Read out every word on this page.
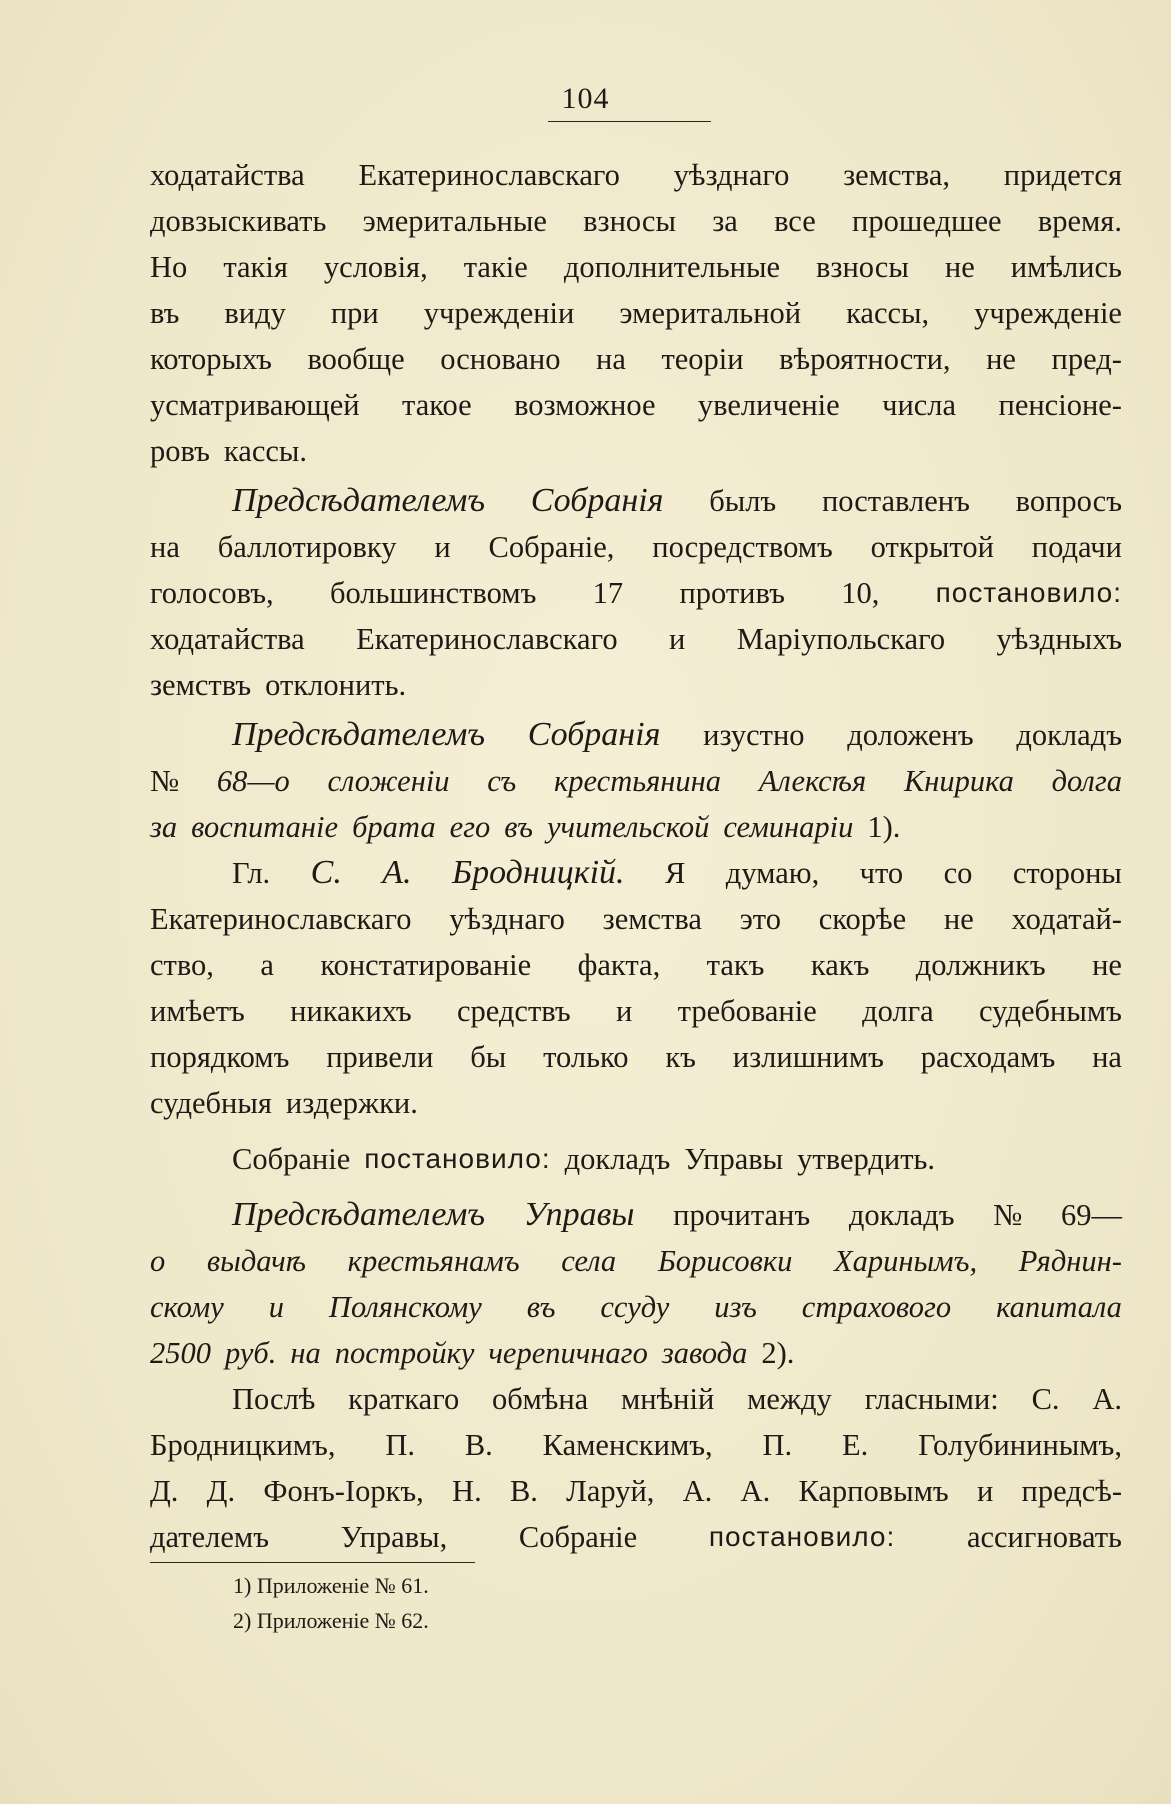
104
ходатайства Екатеринославскаго уѣзднаго земства, придется
довзыскивать эмеритальные взносы за все прошедшее время.
Но такія условія, такіе дополнительные взносы не имѣлись
въ виду при учрежденіи эмеритальной кассы, учрежденіе
которыхъ вообще основано на теоріи вѣроятности, не пред-
усматривающей такое возможное увеличеніе числа пенсіоне-
ровъ кассы.
Предсѣдателемъ Собранія былъ поставленъ вопросъ
на баллотировку и Собраніе, посредствомъ открытой подачи
голосовъ, большинствомъ 17 противъ 10, постановило:
ходатайства Екатеринославскаго и Маріупольскаго уѣздныхъ
земствъ отклонить.
Предсѣдателемъ Собранія изустно доложенъ докладъ
№ 68—о сложеніи съ крестьянина Алексѣя Книрика долга
за воспитаніе брата его въ учительской семинаріи 1).
Гл. С. А. Бродницкій. Я думаю, что со стороны
Екатеринославскаго уѣзднаго земства это скорѣе не ходатай-
ство, а констатированіе факта, такъ какъ должникъ не
имѣетъ никакихъ средствъ и требованіе долга судебнымъ
порядкомъ привели бы только къ излишнимъ расходамъ на
судебныя издержки.
Собраніе постановило: докладъ Управы утвердить.
Предсѣдателемъ Управы прочитанъ докладъ № 69—
о выдачѣ крестьянамъ села Борисовки Харинымъ, Ряднин-
скому и Полянскому въ ссуду изъ страхового капитала
2500 руб. на постройку черепичнаго завода 2).
Послѣ краткаго обмѣна мнѣній между гласными: С. А.
Бродницкимъ, П. В. Каменскимъ, П. Е. Голубининымъ,
Д. Д. Фонъ-Іоркъ, Н. В. Ларуй, А. А. Карповымъ и предсѣ-
дателемъ Управы, Собраніе	постановило: ассигновать
1) Приложеніе № 61.
2) Приложеніе № 62.
